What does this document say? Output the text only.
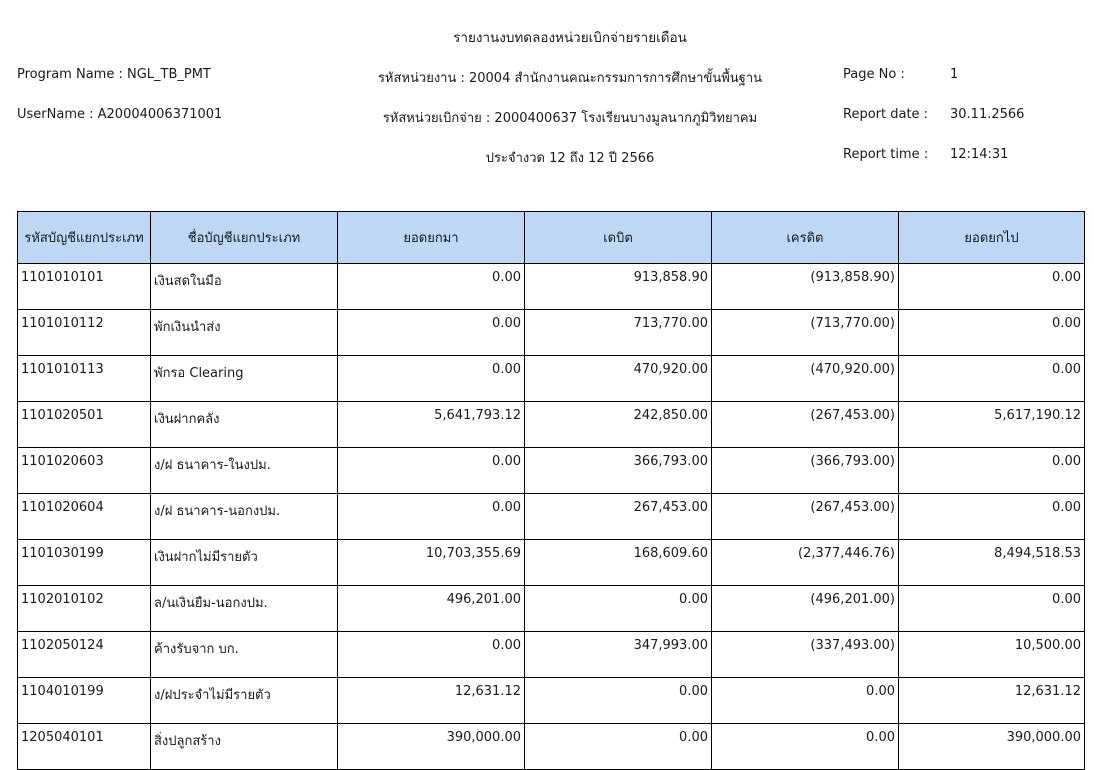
รายงานงบทดลองหน่วยเบิกจ่ายรายเดือน
Program Name : NGL_TB_PMT	รหัสหน่วยงาน : 20004 สำนักงานคณะกรรมการการศึกษาขั้นพื้นฐาน	Page No :	1
UserName : A20004006371001	รหัสหน่วยเบิกจ่าย : 2000400637 โรงเรียนบางมูลนากภูมิวิทยาคม	Report date : 30.11.2566
ประจำงวด 12 ถึง 12 ปี 2566	Report time : 12:14:31
รหัสบัญชีแยกประเภท	ชื่อบัญชีแยกประเภท	ยอดยกมา	เดบิต	เครดิต	ยอดยกไป
1101010101	เงินสดในมือ	0.00	913,858.90	(913,858.90)	0.00
1101010112	พักเงินนำส่ง	0.00	713,770.00	(713,770.00)	0.00
1101010113	พักรอ Clearing	0.00	470,920.00	(470,920.00)	0.00
1101020501	เงินฝากคลัง	5,641,793.12	242,850.00	(267,453.00)	5,617,190.12
1101020603	ง/ฝ ธนาคาร-ในงปม.	0.00	366,793.00	(366,793.00)	0.00
1101020604	ง/ฝ ธนาคาร-นอกงปม.	0.00	267,453.00	(267,453.00)	0.00
1101030199	เงินฝากไม่มีรายตัว	10,703,355.69	168,609.60	(2,377,446.76)	8,494,518.53
1102010102	ล/นเงินยืม-นอกงปม.	496,201.00	0.00	(496,201.00)	0.00
1102050124	ค้างรับจาก บก.	0.00	347,993.00	(337,493.00)	10,500.00
1104010199	ง/ฝประจำไม่มีรายตัว	12,631.12	0.00	0.00	12,631.12
1205040101	สิ่งปลูกสร้าง	390,000.00	0.00	0.00	390,000.00
